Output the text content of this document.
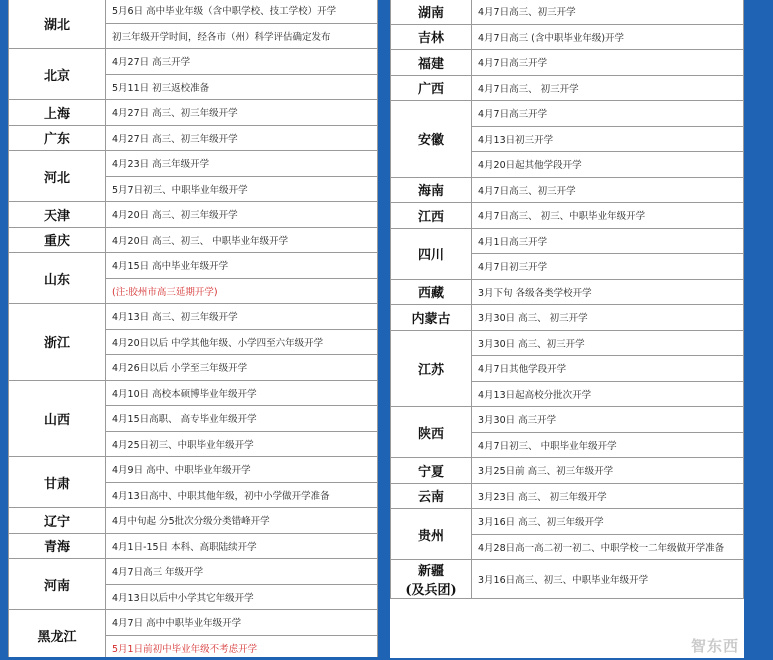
湖北	5月6日 高中毕业年级（含中职学校、技工学校）开学
	初三年级开学时间，经各市（州）科学评估确定发布
北京	4月27日 高三开学
	5月11日 初三返校准备
上海	4月27日 高三、初三年级开学
广东	4月27日 高三、初三年级开学
河北	4月23日 高三年级开学
	5月7日初三、中职毕业年级开学
天津	4月20日 高三、初三年级开学
重庆	4月20日 高三、初三、 中职毕业年级开学
山东	4月15日 高中毕业年级开学
	(注:胶州市高三延期开学)
浙江	4月13日 高三、初三年级开学
	4月20日以后 中学其他年级、小学四至六年级开学
	4月26日以后 小学至三年级开学
山西	4月10日 高校本硕博毕业年级开学
	4月15日高职、 高专毕业年级开学
	4月25日初三、中职毕业年级开学
甘肃	4月9日 高中、中职毕业年级开学
	4月13日高中、中职其他年级，初中小学做开学准备
辽宁	4月中旬起 分5批次分级分类错峰开学
青海	4月1日-15日 本科、高职陆续开学
河南	4月7日高三 年级开学
	4月13日以后中小学其它年级开学
黑龙江	4月7日 高中中职毕业年级开学
	5月1日前初中毕业年级不考虑开学
湖南	4月7日高三、初三开学
吉林	4月7日高三 (含中职毕业年级)开学
福建	4月7日高三开学
广西	4月7日高三、 初三开学
安徽	4月7日高三开学
	4月13日初三开学
	4月20日起其他学段开学
海南	4月7日高三、初三开学
江西	4月7日高三、 初三、中职毕业年级开学
四川	4月1日高三开学
	4月7日初三开学
西藏	3月下旬 各级各类学校开学
内蒙古	3月30日 高三、 初三开学
江苏	3月30日 高三、初三开学
	4月7日其他学段开学
	4月13日起高校分批次开学
陕西	3月30日 高三开学
	4月7日初三、 中职毕业年级开学
宁夏	3月25日前 高三、初三年级开学
云南	3月23日 高三、 初三年级开学
贵州	3月16日 高三、初三年级开学
	4月28日高一高二初一初二、中职学校一二年级做开学准备
新疆
(及兵团)	3月16日高三、初三、中职毕业年级开学
智东西
